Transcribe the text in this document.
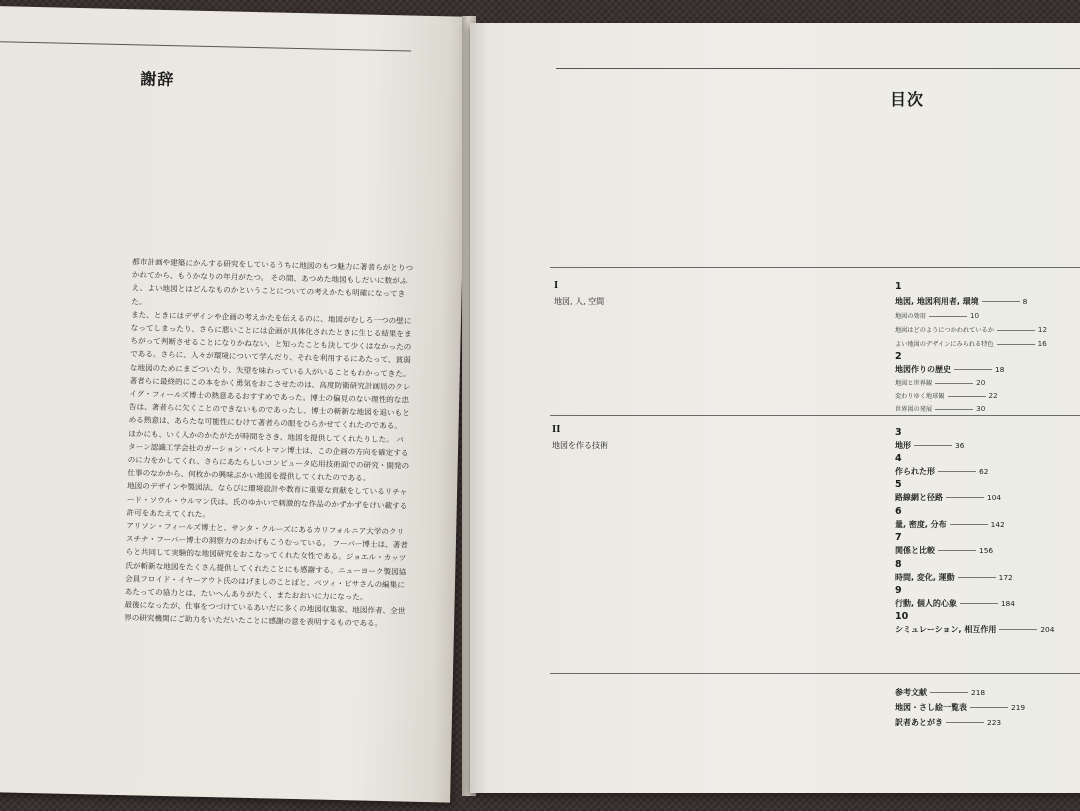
謝辞

都市計画や建築にかんする研究をしているうちに地図のもつ魅力に著者らがとりつかれてから、もうかなりの年月がたつ。 その間、あつめた地図もしだいに数がふえ、よい地図とはどんなものかということについての考えかたも明確になってきた。

また、ときにはデザインや企画の考えかたを伝えるのに、地図がむしろ一つの壁になってしまったり、さらに悪いことには企画が具体化されたときに生じる結果をまちがって判断させることになりかねない、と知ったことも決して少くはなかったのである。さらに、人々が環境について学んだり、それを利用するにあたって、貧弱な地図のためにまごついたり、失望を味わっている人がいることもわかってきた。

著者らに最終的にこの本をかく勇気をおこさせたのは、高度防衛研究計画局のクレイグ・フィールズ博士の熱意あるおすすめであった。博士の偏見のない理性的な忠告は、著者らに欠くことのできないものであったし、博士の斬新な地図を追いもとめる熱意は、あらたな可能性にむけて著者らの眼をひらかせてくれたのである。

ほかにも、いく人かのかたがたが時間をさき、地図を提供してくれたりした。 パターン認識工学会社のガーション・ベルトマン博士は、この企画の方向を確定するのに力をかしてくれ、さらにあたらしいコンピュータ応用技術面での研究・開発の仕事のなかから、何枚かの興味ぶかい地図を提供してくれたのである。

地図のデザインや製図法、ならびに環境設計や教育に重要な貢献をしているリチャード・ソウル・ウルマン氏は、氏のゆかいで刺激的な作品のかずかずをけい載する許可をあたえてくれた。

アリソン・フィールズ博士と、サンタ・クルーズにあるカリフォルニア大学のクリスチナ・フーバー博士の洞察力のおかげもこうむっている。 フーバー博士は、著者らと共同して実験的な地図研究をおこなってくれた女性である。ジョエル・カッツ氏が斬新な地図をたくさん提供してくれたことにも感謝する。ニューヨーク製図協会員フロイド・イヤーアウト氏のはげましのことばと、ベツィ・ビサさんの編集にあたっての協力とは、たいへんありがたく、またおおいに力になった。

最後になったが、仕事をつづけているあいだに多くの地図収集家、地図作者、全世界の研究機関にご助力をいただいたことに感謝の意を表明するものである。

目次
I
地図, 人, 空間
II
地図を作る技術
1
地図, 地図利用者, 環境	8
地図の効用	10
地図はどのようにつかわれているか	12
よい地図のデザインにみられる特色	16
2
地図作りの歴史	18
地図と世界観	20
変わりゆく地球観	22
世界図の発展	30
3
地形	36
4
作られた形	62
5
路線網と径路	104
6
量, 密度, 分布	142
7
関係と比較	156
8
時間, 変化, 運動	172
9
行動, 個人的心象	184
10
シミュレーション, 相互作用	204
参考文献	218
地図・さし絵一覧表	219
訳者あとがき	223
